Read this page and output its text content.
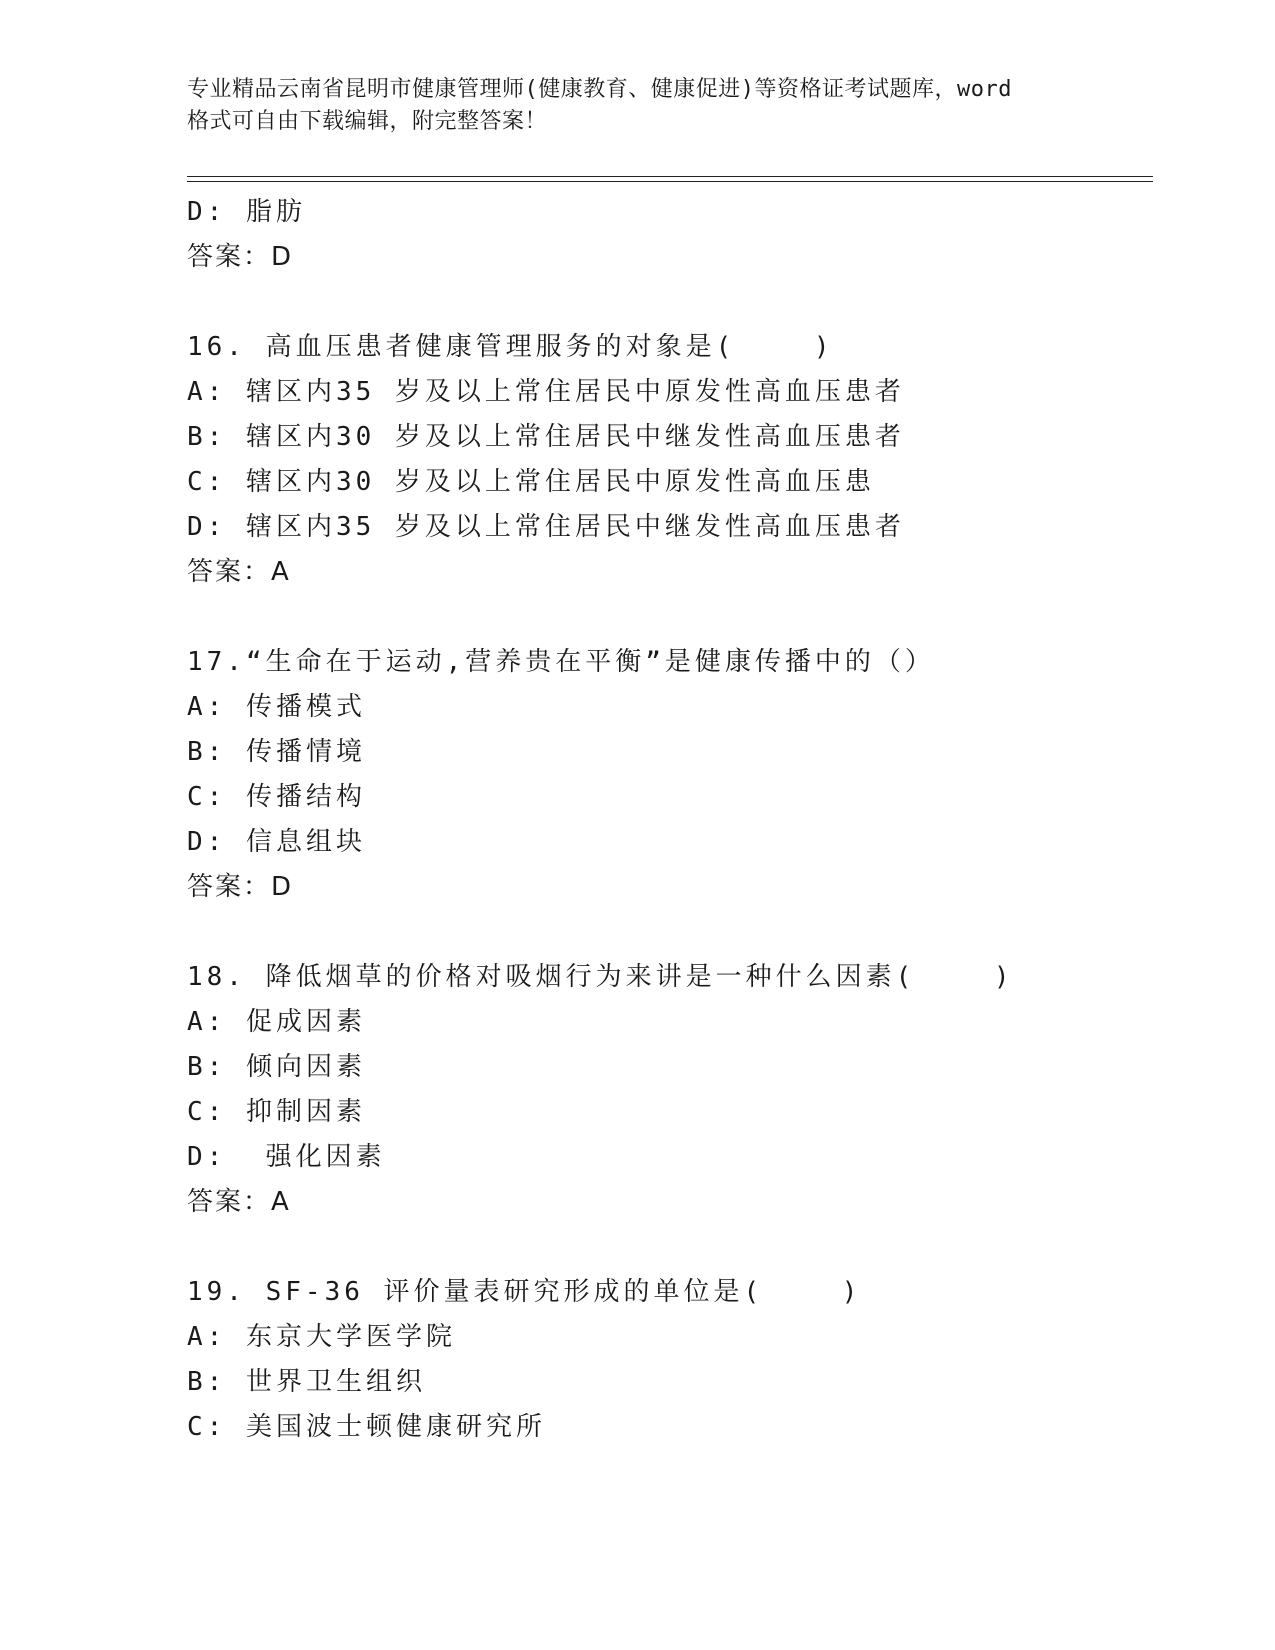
专业精品云南省昆明市健康管理师(健康教育、健康促进)等资格证考试题库，word
格式可自由下载编辑，附完整答案！
D: 脂肪
答案：D
16. 高血压患者健康管理服务的对象是(    )
A: 辖区内35 岁及以上常住居民中原发性高血压患者
B: 辖区内30 岁及以上常住居民中继发性高血压患者
C: 辖区内30 岁及以上常住居民中原发性高血压患
D: 辖区内35 岁及以上常住居民中继发性高血压患者
答案：A
17.“生命在于运动,营养贵在平衡”是健康传播中的（）
A: 传播模式
B: 传播情境
C: 传播结构
D: 信息组块
答案：D
18. 降低烟草的价格对吸烟行为来讲是一种什么因素(    )
A: 促成因素
B: 倾向因素
C: 抑制因素
D:  强化因素
答案：A
19. SF-36 评价量表研究形成的单位是(    )
A: 东京大学医学院
B: 世界卫生组织
C: 美国波士顿健康研究所
